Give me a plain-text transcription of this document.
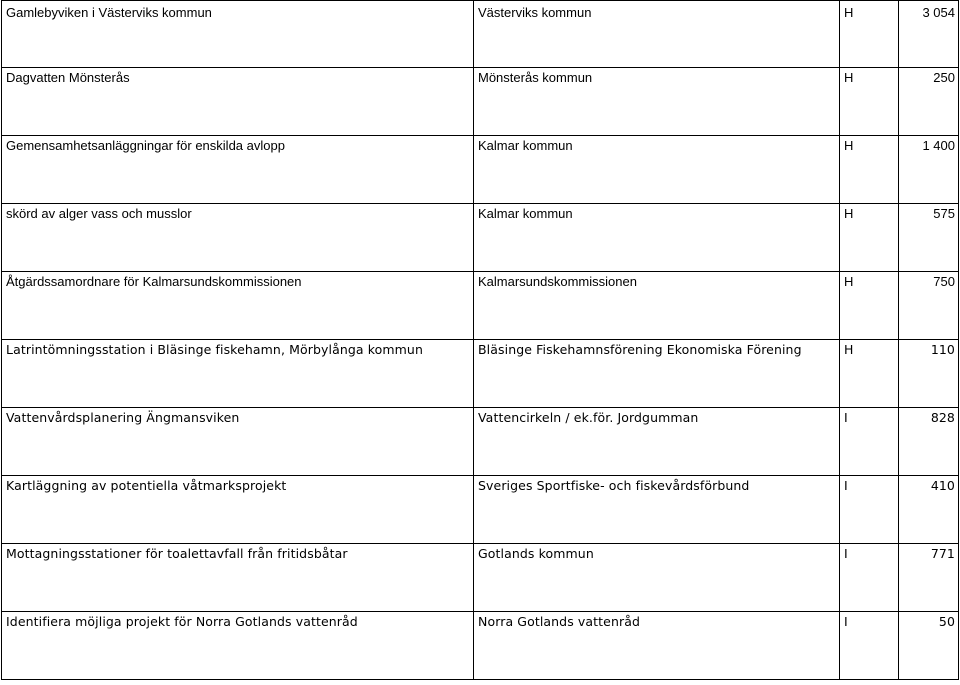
Gamlebyviken i Västerviks kommun	Västerviks kommun	H	3 054

Dagvatten Mönsterås	Mönsterås kommun	H	250

Gemensamhetsanläggningar för enskilda avlopp	Kalmar kommun	H	1 400

skörd av alger vass och musslor	Kalmar kommun	H	575

Åtgärdssamordnare för Kalmarsundskommissionen	Kalmarsundskommissionen	H	750

Latrintömningsstation i Bläsinge fiskehamn, Mörbylånga kommun	Bläsinge Fiskehamnsförening Ekonomiska Förening	H	110

Vattenvårdsplanering Ängmansviken	Vattencirkeln / ek.för. Jordgumman	I	828

Kartläggning av potentiella våtmarksprojekt	Sveriges Sportfiske- och fiskevårdsförbund	I	410

Mottagningsstationer för toalettavfall från fritidsbåtar	Gotlands kommun	I	771

Identifiera möjliga projekt för Norra Gotlands vattenråd	Norra Gotlands vattenråd	I	50
